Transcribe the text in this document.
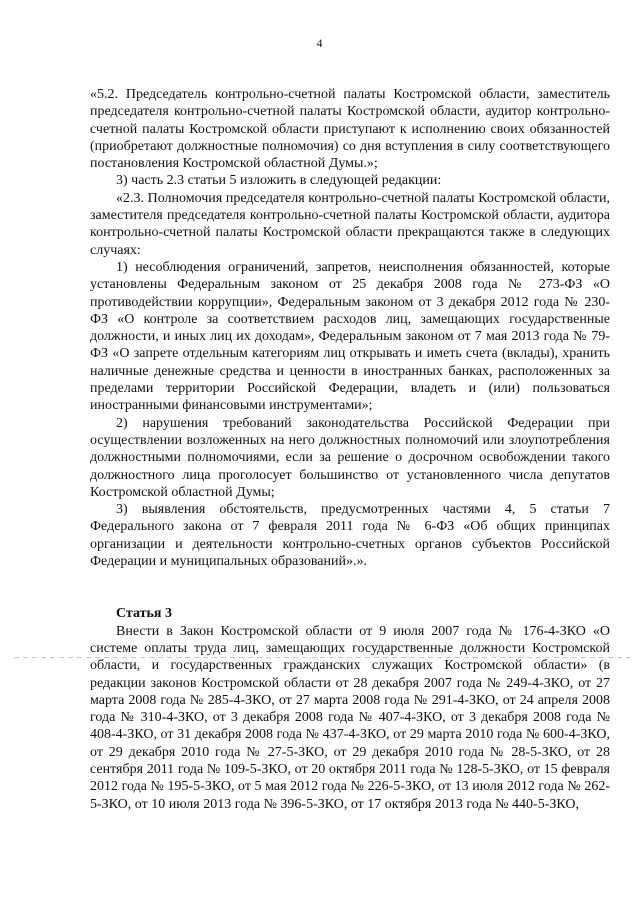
4

«5.2. Председатель контрольно-счетной палаты Костромской области, заместитель председателя контрольно-счетной палаты Костромской области, аудитор контрольно-счетной палаты Костромской области приступают к исполнению своих обязанностей (приобретают должностные полномочия) со дня вступления в силу соответствующего постановления Костромской областной Думы.»;

3) часть 2.3 статьи 5 изложить в следующей редакции:

«2.3. Полномочия председателя контрольно-счетной палаты Костромской области, заместителя председателя контрольно-счетной палаты Костромской области, аудитора контрольно-счетной палаты Костромской области прекращаются также в следующих случаях:

1) несоблюдения ограничений, запретов, неисполнения обязанностей, которые установлены Федеральным законом от 25 декабря 2008 года № 273-ФЗ «О противодействии коррупции», Федеральным законом от 3 декабря 2012 года № 230-ФЗ «О контроле за соответствием расходов лиц, замещающих государственные должности, и иных лиц их доходам», Федеральным законом от 7 мая 2013 года № 79-ФЗ «О запрете отдельным категориям лиц открывать и иметь счета (вклады), хранить наличные денежные средства и ценности в иностранных банках, расположенных за пределами территории Российской Федерации, владеть и (или) пользоваться иностранными финансовыми инструментами»;

2) нарушения требований законодательства Российской Федерации при осуществлении возложенных на него должностных полномочий или злоупотребления должностными полномочиями, если за решение о досрочном освобождении такого должностного лица проголосует большинство от установленного числа депутатов Костромской областной Думы;

3) выявления обстоятельств, предусмотренных частями 4, 5 статьи 7 Федерального закона от 7 февраля 2011 года № 6-ФЗ «Об общих принципах организации и деятельности контрольно-счетных органов субъектов Российской Федерации и муниципальных образований».».

Статья 3

Внести в Закон Костромской области от 9 июля 2007 года № 176-4-ЗКО «О системе оплаты труда лиц, замещающих государственные должности Костромской области, и государственных гражданских служащих Костромской области» (в редакции законов Костромской области от 28 декабря 2007 года № 249-4-ЗКО, от 27 марта 2008 года № 285-4-ЗКО, от 27 марта 2008 года № 291-4-ЗКО, от 24 апреля 2008 года № 310-4-ЗКО, от 3 декабря 2008 года № 407-4-ЗКО, от 3 декабря 2008 года № 408-4-ЗКО, от 31 декабря 2008 года № 437-4-ЗКО, от 29 марта 2010 года № 600-4-ЗКО, от 29 декабря 2010 года № 27-5-ЗКО, от 29 декабря 2010 года № 28-5-ЗКО, от 28 сентября 2011 года № 109-5-ЗКО, от 20 октября 2011 года № 128-5-ЗКО, от 15 февраля 2012 года № 195-5-ЗКО, от 5 мая 2012 года № 226-5-ЗКО, от 13 июля 2012 года № 262-5-ЗКО, от 10 июля 2013 года № 396-5-ЗКО, от 17 октября 2013 года № 440-5-ЗКО,
